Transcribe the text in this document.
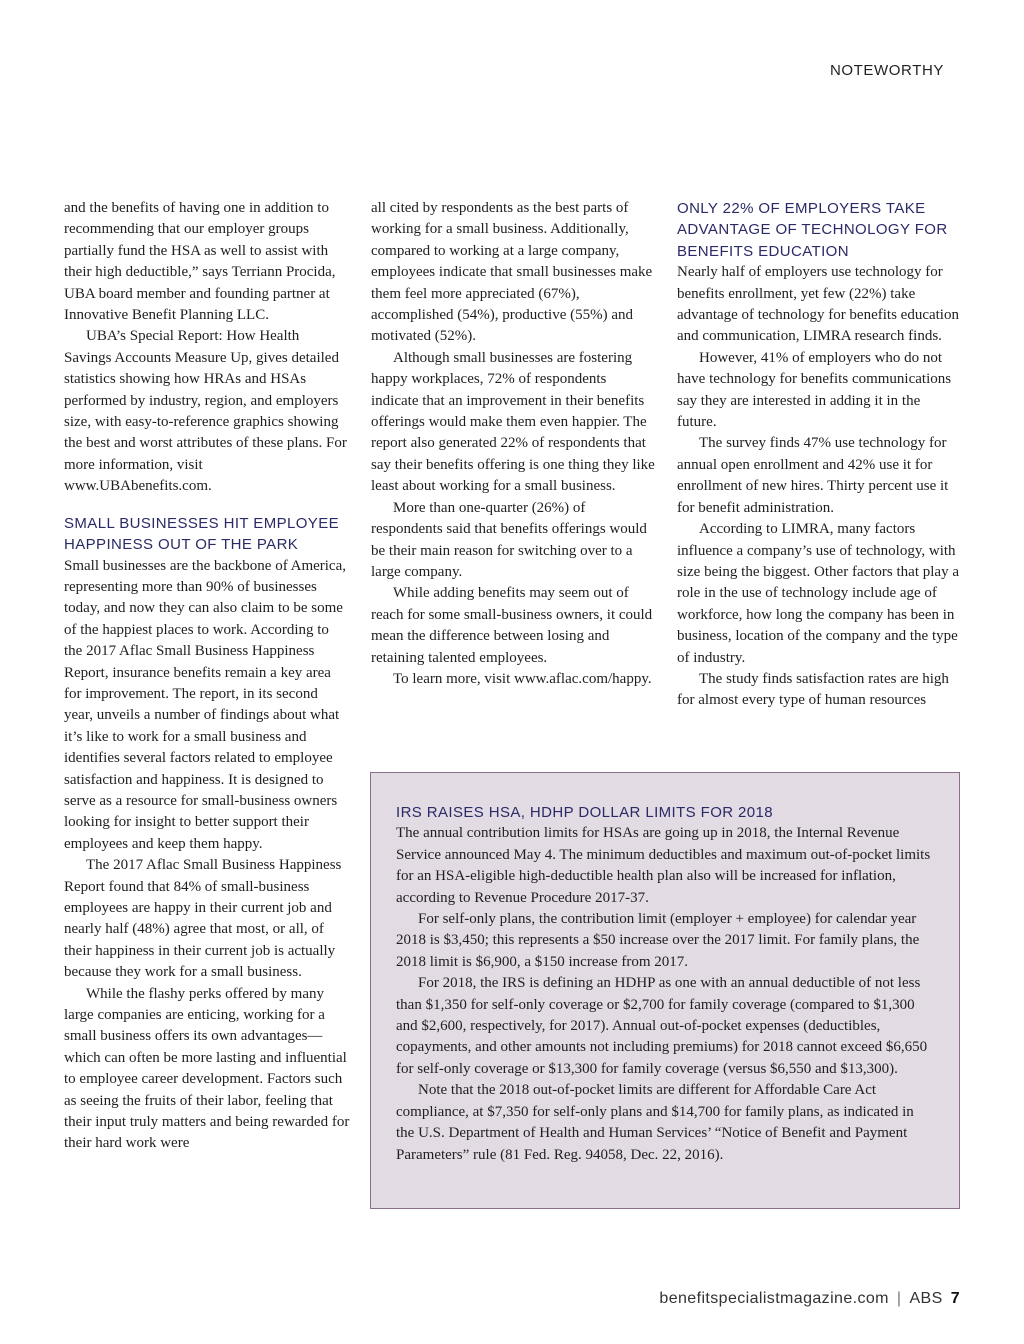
NOTEWORTHY

and the benefits of having one in addition to recommending that our employer groups partially fund the HSA as well to assist with their high deductible,” says Terriann Procida, UBA board member and founding partner at Innovative Benefit Planning LLC.

UBA’s Special Report: How Health Savings Accounts Measure Up, gives detailed statistics showing how HRAs and HSAs performed by industry, region, and employers size, with easy-to-reference graphics showing the best and worst attributes of these plans. For more information, visit www.UBAbenefits.com.

SMALL BUSINESSES HIT EMPLOYEE HAPPINESS OUT OF THE PARK

Small businesses are the backbone of America, representing more than 90% of businesses today, and now they can also claim to be some of the happiest places to work. According to the 2017 Aflac Small Business Happiness Report, insurance benefits remain a key area for improvement. The report, in its second year, unveils a number of findings about what it’s like to work for a small business and identifies several factors related to employee satisfaction and happiness. It is designed to serve as a resource for small-business owners looking for insight to better support their employees and keep them happy.

The 2017 Aflac Small Business Happiness Report found that 84% of small-business employees are happy in their current job and nearly half (48%) agree that most, or all, of their happiness in their current job is actually because they work for a small business.

While the flashy perks offered by many large companies are enticing, working for a small business offers its own advantages—which can often be more lasting and influential to employee career development. Factors such as seeing the fruits of their labor, feeling that their input truly matters and being rewarded for their hard work were

all cited by respondents as the best parts of working for a small business. Additionally, compared to working at a large company, employees indicate that small businesses make them feel more appreciated (67%), accomplished (54%), productive (55%) and motivated (52%).

Although small businesses are fostering happy workplaces, 72% of respondents indicate that an improvement in their benefits offerings would make them even happier. The report also generated 22% of respondents that say their benefits offering is one thing they like least about working for a small business.

More than one-quarter (26%) of respondents said that benefits offerings would be their main reason for switching over to a large company.

While adding benefits may seem out of reach for some small-business owners, it could mean the difference between losing and retaining talented employees.

To learn more, visit www.aflac.com/happy.

ONLY 22% OF EMPLOYERS TAKE ADVANTAGE OF TECHNOLOGY FOR BENEFITS EDUCATION

Nearly half of employers use technology for benefits enrollment, yet few (22%) take advantage of technology for benefits education and communication, LIMRA research finds.

However, 41% of employers who do not have technology for benefits communications say they are interested in adding it in the future.

The survey finds 47% use technology for annual open enrollment and 42% use it for enrollment of new hires. Thirty percent use it for benefit administration.

According to LIMRA, many factors influence a company’s use of technology, with size being the biggest. Other factors that play a role in the use of technology include age of workforce, how long the company has been in business, location of the company and the type of industry.

The study finds satisfaction rates are high for almost every type of human resources

IRS RAISES HSA, HDHP DOLLAR LIMITS FOR 2018

The annual contribution limits for HSAs are going up in 2018, the Internal Revenue Service announced May 4. The minimum deductibles and maximum out-of-pocket limits for an HSA-eligible high-deductible health plan also will be increased for inflation, according to Revenue Procedure 2017-37.

For self-only plans, the contribution limit (employer + employee) for calendar year 2018 is $3,450; this represents a $50 increase over the 2017 limit. For family plans, the 2018 limit is $6,900, a $150 increase from 2017.

For 2018, the IRS is defining an HDHP as one with an annual deductible of not less than $1,350 for self-only coverage or $2,700 for family coverage (compared to $1,300 and $2,600, respectively, for 2017). Annual out-of-pocket expenses (deductibles, copayments, and other amounts not including premiums) for 2018 cannot exceed $6,650 for self-only coverage or $13,300 for family coverage (versus $6,550 and $13,300).

Note that the 2018 out-of-pocket limits are different for Affordable Care Act compliance, at $7,350 for self-only plans and $14,700 for family plans, as indicated in the U.S. Department of Health and Human Services’ “Notice of Benefit and Payment Parameters” rule (81 Fed. Reg. 94058, Dec. 22, 2016).

benefitspecialistmagazine.com | ABS 7
